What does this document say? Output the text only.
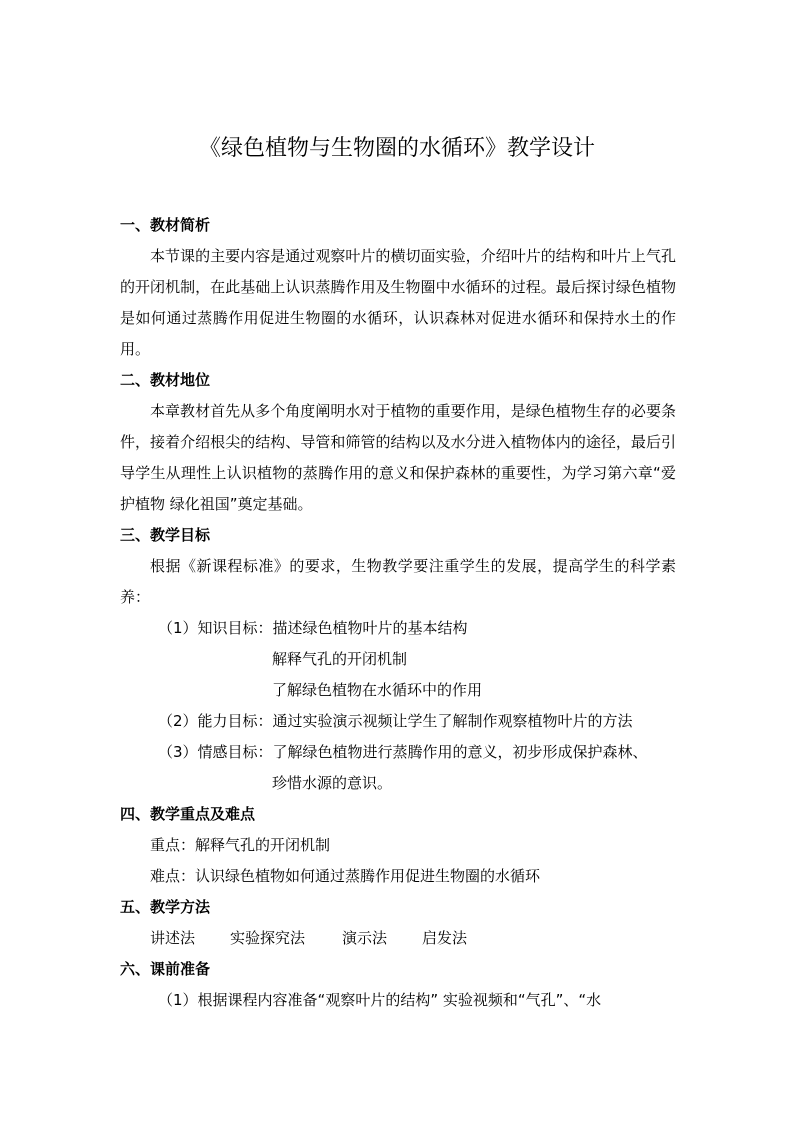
《绿色植物与生物圈的水循环》教学设计
一、教材简析

本节课的主要内容是通过观察叶片的横切面实验，介绍叶片的结构和叶片上气孔的开闭机制，在此基础上认识蒸腾作用及生物圈中水循环的过程。最后探讨绿色植物是如何通过蒸腾作用促进生物圈的水循环，认识森林对促进水循环和保持水土的作用。

二、教材地位

本章教材首先从多个角度阐明水对于植物的重要作用，是绿色植物生存的必要条件，接着介绍根尖的结构、导管和筛管的结构以及水分进入植物体内的途径，最后引导学生从理性上认识植物的蒸腾作用的意义和保护森林的重要性，为学习第六章“爱护植物 绿化祖国”奠定基础。

三、教学目标

根据《新课程标准》的要求，生物教学要注重学生的发展，提高学生的科学素养：

（1）知识目标：描述绿色植物叶片的基本结构
解释气孔的开闭机制
了解绿色植物在水循环中的作用
（2）能力目标：通过实验演示视频让学生了解制作观察植物叶片的方法
（3）情感目标：了解绿色植物进行蒸腾作用的意义，初步形成保护森林、
珍惜水源的意识。
四、教学重点及难点
重点：解释气孔的开闭机制
难点：认识绿色植物如何通过蒸腾作用促进生物圈的水循环
五、教学方法
讲述法 实验探究法 演示法 启发法
六、课前准备
（1）根据课程内容准备“观察叶片的结构” 实验视频和“气孔”、“水
